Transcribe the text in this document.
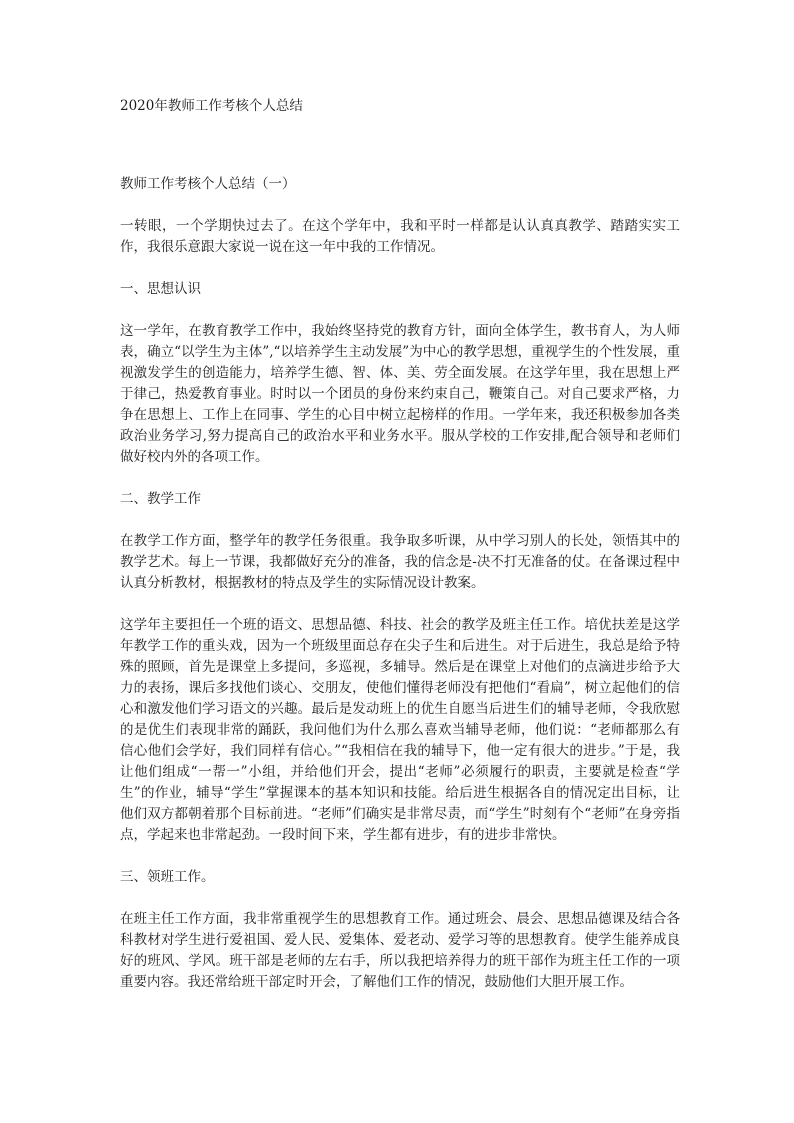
2020年教师工作考核个人总结

教师工作考核个人总结（一）

一转眼，一个学期快过去了。在这个学年中，我和平时一样都是认认真真教学、踏踏实实工作，我很乐意跟大家说一说在这一年中我的工作情况。

一、思想认识

这一学年，在教育教学工作中，我始终坚持党的教育方针，面向全体学生，教书育人，为人师表，确立“以学生为主体”,“以培养学生主动发展”为中心的教学思想，重视学生的个性发展，重视激发学生的创造能力，培养学生德、智、体、美、劳全面发展。在这学年里，我在思想上严于律己，热爱教育事业。时时以一个团员的身份来约束自己，鞭策自己。对自己要求严格，力争在思想上、工作上在同事、学生的心目中树立起榜样的作用。一学年来，我还积极参加各类政治业务学习,努力提高自己的政治水平和业务水平。服从学校的工作安排,配合领导和老师们做好校内外的各项工作。

二、教学工作

在教学工作方面，整学年的教学任务很重。我争取多听课，从中学习别人的长处，领悟其中的教学艺术。每上一节课，我都做好充分的准备，我的信念是-决不打无准备的仗。在备课过程中认真分析教材，根据教材的特点及学生的实际情况设计教案。

这学年主要担任一个班的语文、思想品德、科技、社会的教学及班主任工作。培优扶差是这学年教学工作的重头戏，因为一个班级里面总存在尖子生和后进生。对于后进生，我总是给予特殊的照顾，首先是课堂上多提问，多巡视，多辅导。然后是在课堂上对他们的点滴进步给予大力的表扬，课后多找他们谈心、交朋友，使他们懂得老师没有把他们“看扁”，树立起他们的信心和激发他们学习语文的兴趣。最后是发动班上的优生自愿当后进生们的辅导老师，令我欣慰的是优生们表现非常的踊跃，我问他们为什么那么喜欢当辅导老师，他们说：“老师都那么有信心他们会学好，我们同样有信心。”“我相信在我的辅导下，他一定有很大的进步。”于是，我让他们组成“一帮一”小组，并给他们开会，提出“老师”必须履行的职责，主要就是检查“学生”的作业，辅导“学生”掌握课本的基本知识和技能。给后进生根据各自的情况定出目标，让他们双方都朝着那个目标前进。“老师”们确实是非常尽责，而“学生”时刻有个“老师”在身旁指点，学起来也非常起劲。一段时间下来，学生都有进步，有的进步非常快。

三、领班工作。

在班主任工作方面，我非常重视学生的思想教育工作。通过班会、晨会、思想品德课及结合各科教材对学生进行爱祖国、爱人民、爱集体、爱老动、爱学习等的思想教育。使学生能养成良好的班风、学风。班干部是老师的左右手，所以我把培养得力的班干部作为班主任工作的一项重要内容。我还常给班干部定时开会，了解他们工作的情况，鼓励他们大胆开展工作。
